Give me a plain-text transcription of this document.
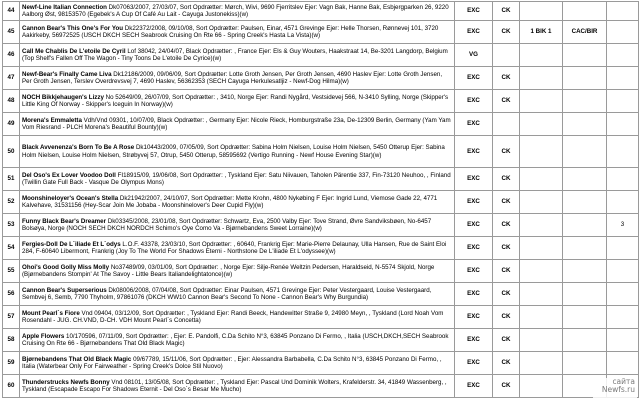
44	Newf-Line Italian Connection Dk07063/2007, 27/03/07, Sort Opdrætter: Mørch, Wivi, 9690 Fjerritslev Ejer: Vagn Bak, Hanne Bak, Esbjergparken 26, 9220 Aalborg Øst, 98153570 (Egebek's A Cup Of Café Au Lait - Cayuga Justonekiss)(w)	EXC	CK			
45	Cannon Bear's This One's For You Dk22372/2008, 09/10/08, Sort Opdrætter: Paulsen, Einar, 4571 Grevinge Ejer: Helle Thorsen, Rønnevej 101, 3720 Aakirkeby, 56972525 (USCH DKCH SECH Seabrook Cruising On Rte 66 - Spring Creek's Hasta La Vista)(w)	EXC	CK	1 BIK 1	CAC/BIR	
46	Call Me Chablis De L'etoile De Cyril Lof 38042, 24/04/07, Black Opdrætter: , France Ejer: Els & Guy Wouters, Haakstraat 14, Be-3201 Langdorp, Belgium (Top Shelf's Fallen Off The Wagon - Tiny Toons De L'etoile De Cyrice)(w)	VG				
47	Newf-Bear's Finally Came Liva Dk12186/2009, 09/06/09, Sort Opdrætter: Lotte Groth Jensen, Per Groth Jensen, 4690 Haslev Ejer: Lotte Groth Jensen, Per Groth Jensen, Terslev Overdrevsvej 7, 4690 Haslev, 56362353 (SECH Cayuga Herkulesatljiz - Newf-Dog Hilma)(w)	EXC	CK			
48	NOCH Bikkjehaugen's Lizzy No 52649/09, 26/07/09, Sort Opdrætter: , 3410, Norge Ejer: Randi Nygård, Vestsidevej 566, N-3410 Sylling, Norge (Skipper's Little King Of Norway - Skipper's Iceguin In Norway)(w)	EXC	CK			
49	Morena's Emmaletta Vdh/Vnd 09301, 10/07/09, Black Opdrætter: , Germany Ejer: Nicole Rieck, Homburgstraße 23a, De-12309 Berlin, Germany (Yam Yam Vom Riesrand - PLCH Morena's Beautiful Bounty)(w)	EXC				
50	Black Avvenenza's Born To Be A Rose Dk10443/2009, 07/05/09, Sort Opdrætter: Sabina Holm Nielsen, Louise Holm Nielsen, 5450 Otterup Ejer: Sabina Holm Nielsen, Louise Holm Nielsen, Strøbyvej 57, Otrup, 5450 Otterup, 58595692 (Vertigo Running - Newf House Evening Star)(w)	EXC	CK			
51	Del Oso's Ex Lover Voodoo Doll FI18915/09, 19/06/08, Sort Opdrætter: , Tyskland Ejer: Satu Niivauen, Taholen Pärentie 337, Fin-73120 Neuhoo, , Finland (Twillin Gate Full Back - Vasque De Olympus Mons)	EXC	CK			
52	Moonshineloyer's Ocean's Stella Dk21942/2007, 24/10/07, Sort Opdrætter: Mette Krohn, 4800 Nykøbing F Ejer: Ingrid Lund, Viemose Gade 22, 4771 Kalvehave, 31531156 (Hey-Scar Join Me Jobaba - Moonshinelover's Deer Cupid Fly)(w)	EXC	CK			
53	Funny Black Bear's Dreamer Dk03345/2008, 23/01/08, Sort Opdrætter: Schwartz, Eva, 2500 Valby Ejer: Tove Strand, Øvre Sandviksbøen, No-6457 Bolsøya, Norge (NOCH SECH DKCH NORDCH Schimo's Oye Como Va - Bjørnebandens Sweet Lorraine)(w)	EXC	CK			3
54	Fergies-Doll De L`iliade Et L`odys L.O.F. 43378, 23/03/10, Sort Opdrætter: , 60640, Frankrig Ejer: Marie-Pierre Delaunay, Ulla Hansen, Rue de Saint Eloi 284, F-60640 Libermont, Frankrig (Joy To The World For Shadows Eterni - Northstone De L'iliade Et L'odyssee)(w)	EXC	CK			
55	Ohoi's Good Golly Miss Molly No37489/09, 03/01/09, Sort Opdrætter: , Norge Ejer: Silje-Renée Weltzin Pedersen, Haraldseid, N-5574 Skjold, Norge (Bjørnebandens Stompin' At The Savoy - Little Bears Italiandelightatonce)(w)	EXC	CK			
56	Cannon Bear's Superserious Dk08006/2008, 07/04/08, Sort Opdrætter: Einar Paulsen, 4571 Grevinge Ejer: Peter Vestergaard, Louise Vestergaard, Sembvej 6, Semb, 7790 Thyholm, 97861076 (DKCH WW10 Cannon Bear's Second To None - Cannon Bear's Why Burgundia)	EXC	CK			
57	Mount Pearl`s Fiore Vnd 09404, 03/12/09, Sort Opdrætter: , Tyskland Ejer: Randi Beeck, Handewitter Straße 9, 24980 Meyn, , Tyskland (Lord Noah Vom Rosendahl - JUG. CH.VND, D-CH. VDH Mount Pearl`s Concetta)	EXC	CK			
58	Apple Flowers 10/170596, 07/11/09, Sort Opdrætter: , Ejer: E. Pandolfi, C.Da Schito N°3, 63845 Ponzano Di Fermo, , Italia (USCH,DKCH,SECH Seabrook Cruising On Rte 66 - Bjørnebandens That Old Black Magic)	EXC	CK			
59	Bjørnebandens That Old Black Magic 09/67789, 15/11/06, Sort Opdrætter: , Ejer: Alessandra Barbabella, C.Da Schito N°3, 63845 Ponzano Di Fermo, , Italia (Waterbear Only For Fairweather - Spring Creek's Dolce Stil Nuovo)	EXC	CK			
60	Thunderstrucks Newfs Bonny Vnd 08101, 13/05/08, Sort Opdrætter: , Tyskland Ejer: Pascal Und Dominik Wolters, Krafelderstr. 34, 41849 Wassenberg, , Tyskland (Escapade Escapo For Shadows Eternit - Del Oso´s Besar Me Mucho)	EXC	CK				сайта
Newfs.ru
